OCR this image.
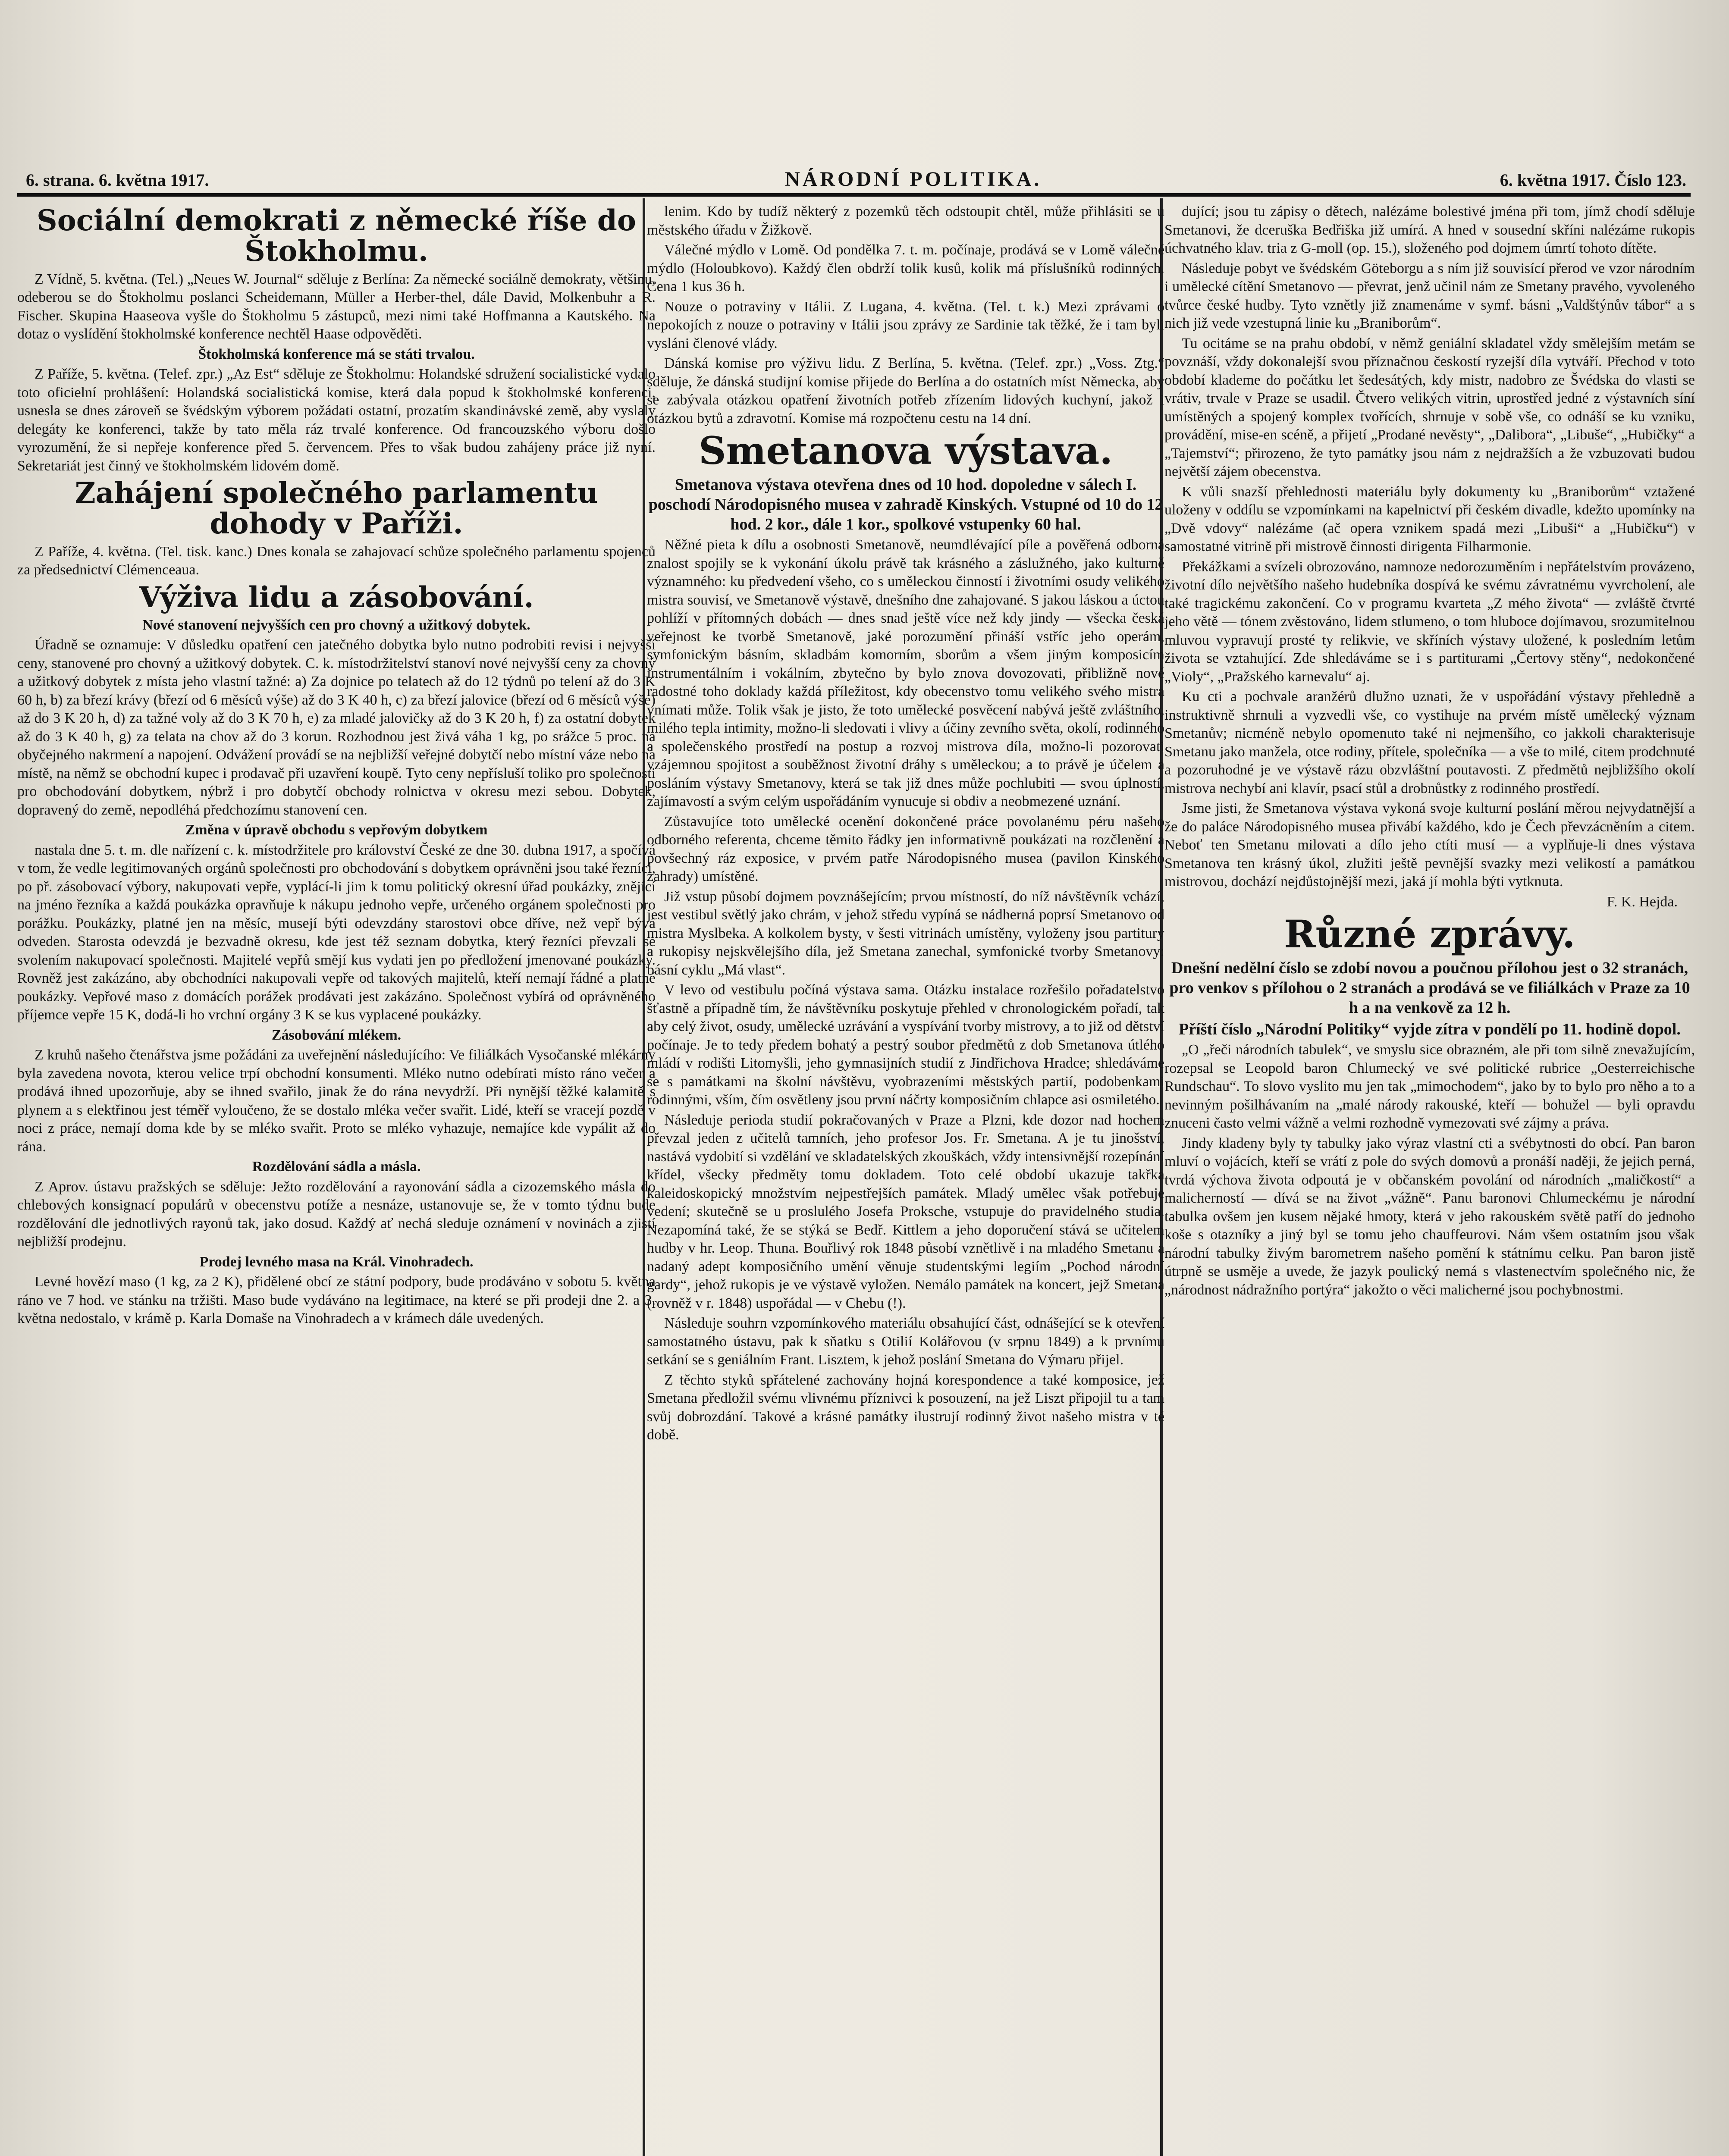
6. strana. 6. května 1917.	NÁRODNÍ POLITIKA.	6. května 1917. Číslo 123.
Sociální demokrati z německé říše do Štokholmu.

Z Vídně, 5. května. (Tel.) „Neues W. Journal“ sděluje z Berlína: Za německé sociálně demokraty, většinu, odeberou se do Štokholmu poslanci Scheidemann, Müller a Herber-thel, dále David, Molkenbuhr a R. Fischer. Skupina Haaseova vyšle do Štokholmu 5 zástupců, mezi nimi také Hoffmanna a Kautského. Na dotaz o vyslídění štokholmské konference nechtěl Haase odpověděti.

Štokholmská konference má se státi trvalou.

Z Paříže, 5. května. (Telef. zpr.) „Az Est“ sděluje ze Štokholmu: Holandské sdružení socialistické vydalo toto oficielní prohlášení: Holandská socialistická komise, která dala popud k štokholmské konferenci, usnesla se dnes zároveň se švédským výborem požádati ostatní, prozatím skandinávské země, aby vyslaly delegáty ke konferenci, takže by tato měla ráz trvalé konference. Od francouzského výboru došlo vyrozumění, že si nepřeje konference před 5. červencem. Přes to však budou zahájeny práce již nyní. Sekretariát jest činný ve štokholmském lidovém domě.

Zahájení společného parlamentu dohody v Paříži.

Z Paříže, 4. května. (Tel. tisk. kanc.) Dnes konala se zahajovací schůze společného parlamentu spojenců za předsednictví Clémenceaua.

Výživa lidu a zásobování.
Nové stanovení nejvyšších cen pro chovný a užitkový dobytek.

Úřadně se oznamuje: V důsledku opatření cen jatečného dobytka bylo nutno podrobiti revisi i nejvyšší ceny, stanovené pro chovný a užitkový dobytek. C. k. místodržitelství stanoví nové nejvyšší ceny za chovný a užitkový dobytek z místa jeho vlastní tažné: a) Za dojnice po telatech až do 12 týdnů po telení až do 3 K 60 h, b) za březí krávy (březí od 6 měsíců výše) až do 3 K 40 h, c) za březí jalovice (březí od 6 měsíců výše) až do 3 K 20 h, d) za tažné voly až do 3 K 70 h, e) za mladé jalovičky až do 3 K 20 h, f) za ostatní dobytek až do 3 K 40 h, g) za telata na chov až do 3 korun. Rozhodnou jest živá váha 1 kg, po srážce 5 proc. na obyčejného nakrmení a napojení. Odvážení provádí se na nejbližší veřejné dobytčí nebo místní váze nebo na místě, na němž se obchodní kupec i prodavač při uzavření koupě. Tyto ceny nepřísluší toliko pro společnosti pro obchodování dobytkem, nýbrž i pro dobytčí obchody rolnictva v okresu mezi sebou. Dobytek, dopravený do země, nepodléhá předchozímu stanovení cen.

Změna v úpravě obchodu s vepřovým dobytkem

nastala dne 5. t. m. dle nařízení c. k. místodržitele pro království České ze dne 30. dubna 1917, a spočívá v tom, že vedle legitimovaných orgánů společnosti pro obchodování s dobytkem oprávněni jsou také řezníci, po př. zásobovací výbory, nakupovati vepře, vyplácí-li jim k tomu politický okresní úřad poukázky, znějící na jméno řezníka a každá poukázka opravňuje k nákupu jednoho vepře, určeného orgánem společnosti pro porážku. Poukázky, platné jen na měsíc, musejí býti odevzdány starostovi obce dříve, než vepř bývá odveden. Starosta odevzdá je bezvadně okresu, kde jest též seznam dobytka, který řezníci převzali se svolením nakupovací společnosti. Majitelé vepřů smějí kus vydati jen po předložení jmenované poukázky. Rovněž jest zakázáno, aby obchodníci nakupovali vepře od takových majitelů, kteří nemají řádné a platné poukázky. Vepřové maso z domácích porážek prodávati jest zakázáno. Společnost vybírá od oprávněného příjemce vepře 15 K, dodá-li ho vrchní orgány 3 K se kus vyplacené poukázky.

Zásobování mlékem.

Z kruhů našeho čtenářstva jsme požádáni za uveřejnění následujícího: Ve filiálkách Vysočanské mlékárny byla zavedena novota, kterou velice trpí obchodní konsumenti. Mléko nutno odebírati místo ráno večer a prodává ihned upozorňuje, aby se ihned svařilo, jinak že do rána nevydrží. Při nynější těžké kalamitě s plynem a s elektřinou jest téměř vyloučeno, že se dostalo mléka večer svařit. Lidé, kteří se vracejí pozdě v noci z práce, nemají doma kde by se mléko svařit. Proto se mléko vyhazuje, nemajíce kde vypálit až do rána.

Rozdělování sádla a másla.

Z Aprov. ústavu pražských se sděluje: Ježto rozdělování a rayonování sádla a cizozemského másla do chlebových konsignací populárů v obecenstvu potíže a nesnáze, ustanovuje se, že v tomto týdnu bude rozdělování dle jednotlivých rayonů tak, jako dosud. Každý ať nechá sleduje oznámení v novinách a zjistí nejbližší prodejnu.

Prodej levného masa na Král. Vinohradech.

Levné hovězí maso (1 kg, za 2 K), přidělené obcí ze státní podpory, bude prodáváno v sobotu 5. května ráno ve 7 hod. ve stánku na tržišti. Maso bude vydáváno na legitimace, na které se při prodeji dne 2. a 3. května nedostalo, v krámě p. Karla Domaše na Vinohradech a v krámech dále uvedených.

lenim. Kdo by tudíž některý z pozemků těch odstoupit chtěl, může přihlásiti se u městského úřadu v Žižkově.

Válečné mýdlo v Lomě. Od pondělka 7. t. m. počínaje, prodává se v Lomě válečné mýdlo (Holoubkovo). Každý člen obdrží tolik kusů, kolik má příslušníků rodinných. Cena 1 kus 36 h.

Nouze o potraviny v Itálii. Z Lugana, 4. května. (Tel. t. k.) Mezi zprávami o nepokojích z nouze o potraviny v Itálii jsou zprávy ze Sardinie tak těžké, že i tam byli vysláni členové vlády.

Dánská komise pro výživu lidu. Z Berlína, 5. května. (Telef. zpr.) „Voss. Ztg.“ sděluje, že dánská studijní komise přijede do Berlína a do ostatních míst Německa, aby se zabývala otázkou opatření životních potřeb zřízením lidových kuchyní, jakož i otázkou bytů a zdravotní. Komise má rozpočtenu cestu na 14 dní.

Smetanova výstava.

Smetanova výstava otevřena dnes od 10 hod. dopoledne v sálech I. poschodí Národopisného musea v zahradě Kinských. Vstupné od 10 do 12 hod. 2 kor., dále 1 kor., spolkové vstupenky 60 hal.

Něžné pieta k dílu a osobnosti Smetanově, neumdlévající píle a pověřená odborná znalost spojily se k vykonání úkolu právě tak krásného a záslužného, jako kulturně významného: ku předvedení všeho, co s uměleckou činností i životními osudy velikého mistra souvisí, ve Smetanově výstavě, dnešního dne zahajované. S jakou láskou a úctou pohlíží v přítomných dobách — dnes snad ještě více než kdy jindy — všecka česká veřejnost ke tvorbě Smetanově, jaké porozumění přináší vstříc jeho operám, symfonickým básním, skladbám komorním, sborům a všem jiným komposicím instrumentálním i vokálním, zbytečno by bylo znova dovozovati, přibližně nové radostné toho doklady každá příležitost, kdy obecenstvo tomu velikého svého mistra vnímati může. Tolik však je jisto, že toto umělecké posvěcení nabývá ještě zvláštního, milého tepla intimity, možno-li sledovati i vlivy a účiny zevního světa, okolí, rodinného a společenského prostředí na postup a rozvoj mistrova díla, možno-li pozorovati vzájemnou spojitost a souběžnost životní dráhy s uměleckou; a to právě je účelem a posláním výstavy Smetanovy, která se tak již dnes může pochlubiti — svou úplností, zajímavostí a svým celým uspořádáním vynucuje si obdiv a neobmezené uznání.

Zůstavujíce toto umělecké ocenění dokončené práce povolanému péru našeho odborného referenta, chceme těmito řádky jen informativně poukázati na rozčlenění a povšechný ráz exposice, v prvém patře Národopisného musea (pavilon Kinského zahrady) umístěné.

Již vstup působí dojmem povznášejícím; prvou místností, do níž návštěvník vchází, jest vestibul světlý jako chrám, v jehož středu vypíná se nádherná poprsí Smetanovo od mistra Myslbeka. A kolkolem bysty, v šesti vitrinách umístěny, vyloženy jsou partitury a rukopisy nejskvělejšího díla, jež Smetana zanechal, symfonické tvorby Smetanovy: básní cyklu „Má vlast“.

V levo od vestibulu počíná výstava sama. Otázku instalace rozřešilo pořadatelstvo šťastně a případně tím, že návštěvníku poskytuje přehled v chronologickém pořadí, tak aby celý život, osudy, umělecké uzrávání a vyspívání tvorby mistrovy, a to již od dětství počínaje. Je to tedy předem bohatý a pestrý soubor předmětů z dob Smetanova útlého mládí v rodišti Litomyšli, jeho gymnasijních studií z Jindřichova Hradce; shledáváme se s památkami na školní návštěvu, vyobrazeními městských partií, podobenkami rodinnými, vším, čím osvětleny jsou první náčrty komposičním chlapce asi osmiletého.

Následuje perioda studií pokračovaných v Praze a Plzni, kde dozor nad hochem převzal jeden z učitelů tamních, jeho profesor Jos. Fr. Smetana. A je tu jinošství, nastává vydobití si vzdělání ve skladatelských zkouškách, vždy intensivnější rozepínání křídel, všecky předměty tomu dokladem. Toto celé období ukazuje takřka kaleidoskopický množstvím nejpestřejších památek. Mladý umělec však potřebuje vedení; skutečně se u proslulého Josefa Proksche, vstupuje do pravidelného studia. Nezapomíná také, že se stýká se Bedř. Kittlem a jeho doporučení stává se učitelem hudby v hr. Leop. Thuna. Bouřlivý rok 1848 působí vznětlivě i na mladého Smetanu a nadaný adept komposičního umění věnuje studentskými legiím „Pochod národní gardy“, jehož rukopis je ve výstavě vyložen. Nemálo památek na koncert, jejž Smetana (rovněž v r. 1848) uspořádal — v Chebu (!).

Následuje souhrn vzpomínkového materiálu obsahující část, odnášející se k otevření samostatného ústavu, pak k sňatku s Otilií Kolářovou (v srpnu 1849) a k prvnímu setkání se s geniálním Frant. Lisztem, k jehož poslání Smetana do Výmaru přijel.

Z těchto styků spřátelené zachovány hojná korespondence a také komposice, jež Smetana předložil svému vlivnému příznivci k posouzení, na jež Liszt připojil tu a tam svůj dobrozdání. Takové a krásné památky ilustrují rodinný život našeho mistra v té době.

dující; jsou tu zápisy o dětech, nalézáme bolestivé jména při tom, jímž chodí sděluje Smetanovi, že dceruška Bedřiška již umírá. A hned v sousední skříni nalézáme rukopis úchvatného klav. tria z G-moll (op. 15.), složeného pod dojmem úmrtí tohoto dítěte.

Následuje pobyt ve švédském Göteborgu a s ním již souvisící přerod ve vzor národním i umělecké cítění Smetanovo — převrat, jenž učinil nám ze Smetany pravého, vyvoleného tvůrce české hudby. Tyto vznětly již znamenáme v symf. básni „Valdštýnův tábor“ a s nich již vede vzestupná linie ku „Braniborům“.

Tu ocitáme se na prahu období, v němž geniální skladatel vždy smělejším metám se povznáší, vždy dokonalejší svou příznačnou českostí ryzejší díla vytváří. Přechod v toto období klademe do počátku let šedesátých, kdy mistr, nadobro ze Švédska do vlasti se vrátiv, trvale v Praze se usadil. Čtvero velikých vitrin, uprostřed jedné z výstavních síní umístěných a spojený komplex tvořících, shrnuje v sobě vše, co odnáší se ku vzniku, provádění, mise-en scéně, a přijetí „Prodané nevěsty“, „Dalibora“, „Libuše“, „Hubičky“ a „Tajemství“; přirozeno, že tyto památky jsou nám z nejdražších a že vzbuzovati budou největší zájem obecenstva.

K vůli snazší přehlednosti materiálu byly dokumenty ku „Braniborům“ vztažené uloženy v oddílu se vzpomínkami na kapelnictví při českém divadle, kdežto upomínky na „Dvě vdovy“ nalézáme (ač opera vznikem spadá mezi „Libuši“ a „Hubičku“) v samostatné vitrině při mistrově činnosti dirigenta Filharmonie.

Překážkami a svízeli obrozováno, namnoze nedorozuměním i nepřátelstvím provázeno, životní dílo největšího našeho hudebníka dospívá ke svému závratnému vyvrcholení, ale také tragickému zakončení. Co v programu kvarteta „Z mého života“ — zvláště čtvrté jeho větě — tónem zvěstováno, lidem stlumeno, o tom hluboce dojímavou, srozumitelnou mluvou vypravují prosté ty relikvie, ve skříních výstavy uložené, k posledním letům života se vztahující. Zde shledáváme se i s partiturami „Čertovy stěny“, nedokončené „Violy“, „Pražského karnevalu“ aj.

Ku cti a pochvale aranžérů dlužno uznati, že v uspořádání výstavy přehledně a instruktivně shrnuli a vyzvedli vše, co vystihuje na prvém místě umělecký význam Smetanův; nicméně nebylo opomenuto také ni nejmenšího, co jakkoli charakterisuje Smetanu jako manžela, otce rodiny, přítele, společníka — a vše to milé, citem prodchnuté a pozoruhodné je ve výstavě rázu obzvláštní poutavosti. Z předmětů nejbližšího okolí mistrova nechybí ani klavír, psací stůl a drobnůstky z rodinného prostředí.

Jsme jisti, že Smetanova výstava vykoná svoje kulturní poslání měrou nejvydatnější a že do paláce Národopisného musea přivábí každého, kdo je Čech převzácněním a citem. Neboť ten Smetanu milovati a dílo jeho ctíti musí — a vyplňuje-li dnes výstava Smetanova ten krásný úkol, zlužiti ještě pevnější svazky mezi velikostí a památkou mistrovou, dochází nejdůstojnější mezi, jaká jí mohla býti vytknuta.

F. K. Hejda.

Různé zprávy.

Dnešní nedělní číslo se zdobí novou a poučnou přílohou jest o 32 stranách, pro venkov s přílohou o 2 stranách a prodává se ve filiálkách v Praze za 10 h a na venkově za 12 h.

Příští číslo „Národní Politiky“ vyjde zítra v pondělí po 11. hodině dopol.

„O „řeči národních tabulek“, ve smyslu sice obrazném, ale při tom silně znevažujícím, rozepsal se Leopold baron Chlumecký ve své politické rubrice „Oesterreichische Rundschau“. To slovo vyslito mu jen tak „mimochodem“, jako by to bylo pro něho a to a nevinným pošilhávaním na „malé národy rakouské, kteří — bohužel — byli opravdu znuceni často velmi vážně a velmi rozhodně vymezovati své zájmy a práva.

Jindy kladeny byly ty tabulky jako výraz vlastní cti a svébytnosti do obcí. Pan baron mluví o vojácích, kteří se vrátí z pole do svých domovů a pronáší naději, že jejich perná, tvrdá výchova života odpoutá je v občanském povolání od národních „maličkostí“ a malicherností — dívá se na život „vážně“. Panu baronovi Chlumeckému je národní tabulka ovšem jen kusem nějaké hmoty, která v jeho rakouském světě patří do jednoho koše s otazníky a jiný byl se tomu jeho chauffeurovi. Nám všem ostatním jsou však národní tabulky živým barometrem našeho pomění k státnímu celku. Pan baron jistě útrpně se usměje a uvede, že jazyk poulický nemá s vlastenectvím společného nic, že „národnost nádražního portýra“ jakožto o věci malicherné jsou pochybnostmi.
